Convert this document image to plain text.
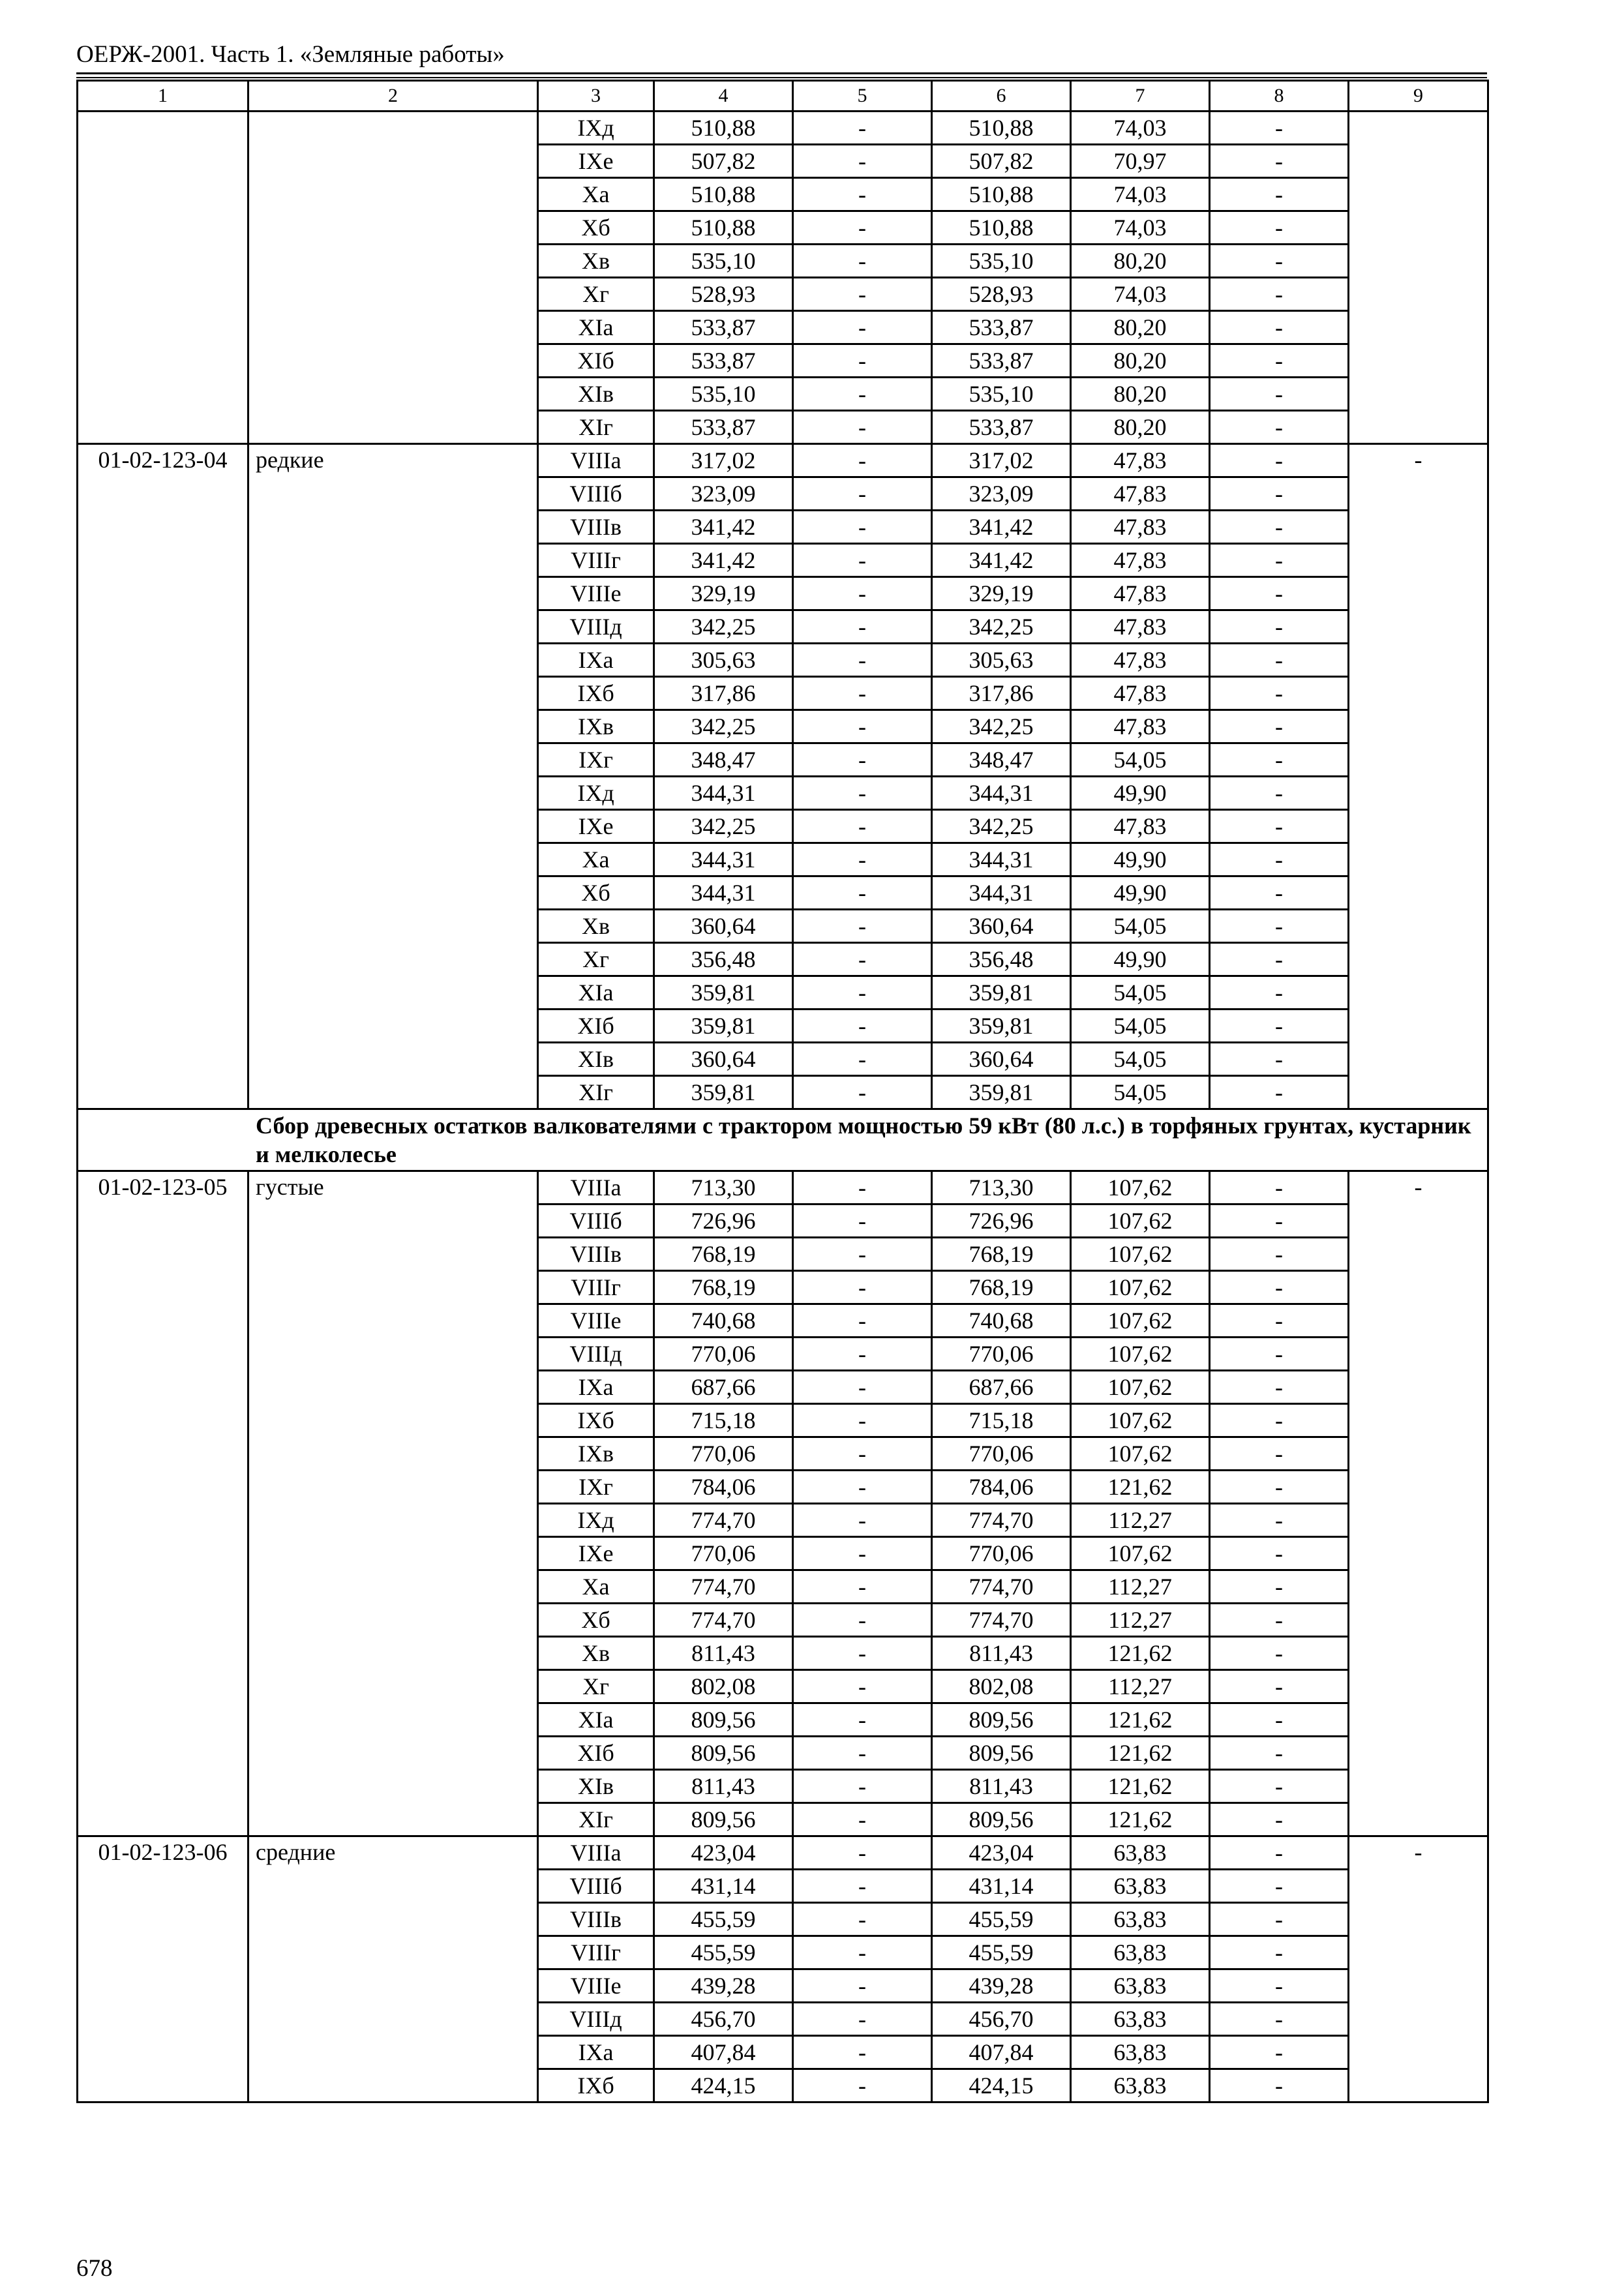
ОЕРЖ-2001. Часть 1. «Земляные работы»
1	2	3	4	5	6	7	8	9
		IXд	510,88	-	510,88	74,03	-	
		IXе	507,82	-	507,82	70,97	-	
		Xа	510,88	-	510,88	74,03	-	
		Xб	510,88	-	510,88	74,03	-	
		Xв	535,10	-	535,10	80,20	-	
		Xг	528,93	-	528,93	74,03	-	
		XIа	533,87	-	533,87	80,20	-	
		XIб	533,87	-	533,87	80,20	-	
		XIв	535,10	-	535,10	80,20	-	
		XIг	533,87	-	533,87	80,20	-	
01-02-123-04	редкие	VIIIа	317,02	-	317,02	47,83	-	-
		VIIIб	323,09	-	323,09	47,83	-	
		VIIIв	341,42	-	341,42	47,83	-	
		VIIIг	341,42	-	341,42	47,83	-	
		VIIIе	329,19	-	329,19	47,83	-	
		VIIIд	342,25	-	342,25	47,83	-	
		IXа	305,63	-	305,63	47,83	-	
		IXб	317,86	-	317,86	47,83	-	
		IXв	342,25	-	342,25	47,83	-	
		IXг	348,47	-	348,47	54,05	-	
		IXд	344,31	-	344,31	49,90	-	
		IXе	342,25	-	342,25	47,83	-	
		Xа	344,31	-	344,31	49,90	-	
		Xб	344,31	-	344,31	49,90	-	
		Xв	360,64	-	360,64	54,05	-	
		Xг	356,48	-	356,48	49,90	-	
		XIа	359,81	-	359,81	54,05	-	
		XIб	359,81	-	359,81	54,05	-	
		XIв	360,64	-	360,64	54,05	-	
		XIг	359,81	-	359,81	54,05	-	

Сбор древесных остатков валкователями с трактором мощностью 59 кВт (80 л.с.) в торфяных грунтах, кустарник и мелколесье								

01-02-123-05	густые	VIIIа	713,30	-	713,30	107,62	-	-
		VIIIб	726,96	-	726,96	107,62	-	
		VIIIв	768,19	-	768,19	107,62	-	
		VIIIг	768,19	-	768,19	107,62	-	
		VIIIе	740,68	-	740,68	107,62	-	
		VIIIд	770,06	-	770,06	107,62	-	
		IXа	687,66	-	687,66	107,62	-	
		IXб	715,18	-	715,18	107,62	-	
		IXв	770,06	-	770,06	107,62	-	
		IXг	784,06	-	784,06	121,62	-	
		IXд	774,70	-	774,70	112,27	-	
		IXе	770,06	-	770,06	107,62	-	
		Xа	774,70	-	774,70	112,27	-	
		Xб	774,70	-	774,70	112,27	-	
		Xв	811,43	-	811,43	121,62	-	
		Xг	802,08	-	802,08	112,27	-	
		XIа	809,56	-	809,56	121,62	-	
		XIб	809,56	-	809,56	121,62	-	
		XIв	811,43	-	811,43	121,62	-	
		XIг	809,56	-	809,56	121,62	-	
01-02-123-06	средние	VIIIа	423,04	-	423,04	63,83	-	-
		VIIIб	431,14	-	431,14	63,83	-	
		VIIIв	455,59	-	455,59	63,83	-	
		VIIIг	455,59	-	455,59	63,83	-	
		VIIIе	439,28	-	439,28	63,83	-	
		VIIIд	456,70	-	456,70	63,83	-	
		IXа	407,84	-	407,84	63,83	-	
		IXб	424,15	-	424,15	63,83	-	
678
